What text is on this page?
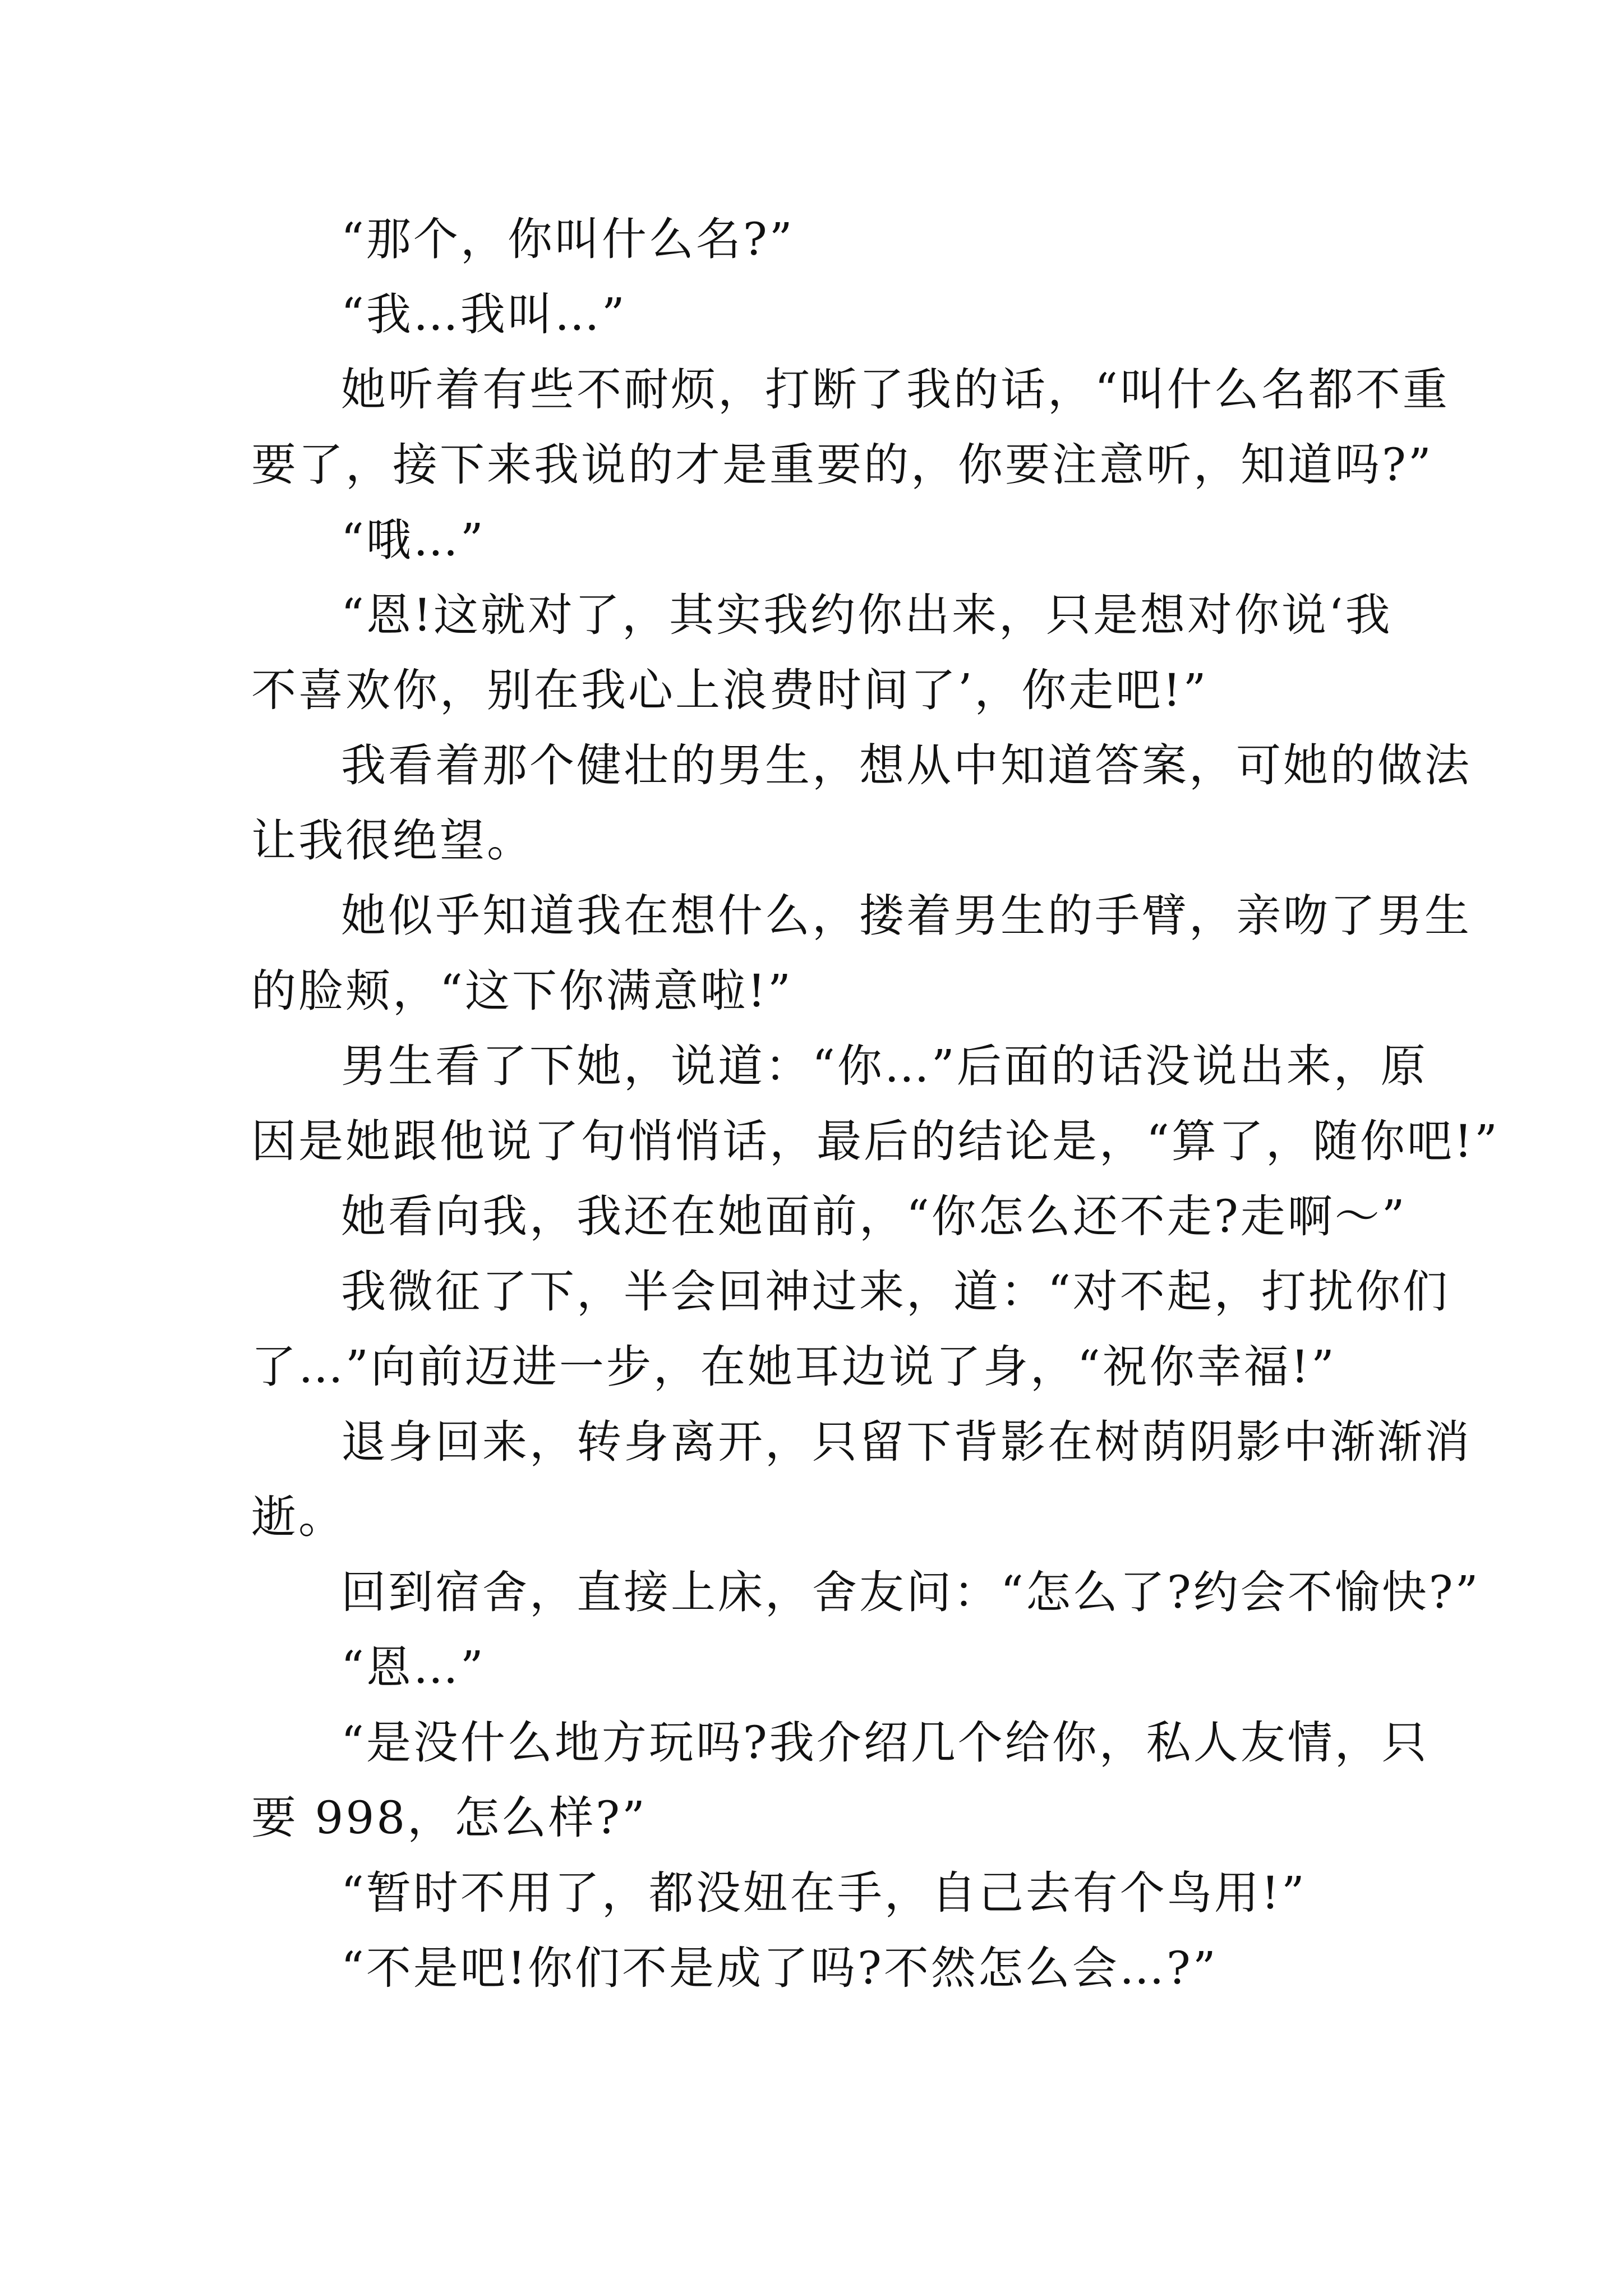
“那个，你叫什么名?”
“我…我叫…”
她听着有些不耐烦，打断了我的话，“叫什么名都不重
要了，接下来我说的才是重要的，你要注意听，知道吗?”
“哦…”
“恩!这就对了，其实我约你出来，只是想对你说‘我
不喜欢你，别在我心上浪费时间了’，你走吧!”
我看着那个健壮的男生，想从中知道答案，可她的做法
让我很绝望。
她似乎知道我在想什么，搂着男生的手臂，亲吻了男生
的脸颊，“这下你满意啦!”
男生看了下她，说道：“你…”后面的话没说出来，原
因是她跟他说了句悄悄话，最后的结论是，“算了，随你吧!”
她看向我，我还在她面前，“你怎么还不走?走啊～”
我微征了下，半会回神过来，道：“对不起，打扰你们
了…”向前迈进一步，在她耳边说了身，“祝你幸福!”
退身回来，转身离开，只留下背影在树荫阴影中渐渐消
逝。
回到宿舍，直接上床，舍友问：“怎么了?约会不愉快?”
“恩…”
“是没什么地方玩吗?我介绍几个给你，私人友情，只
要 998，怎么样?”
“暂时不用了，都没妞在手，自己去有个鸟用!”
“不是吧!你们不是成了吗?不然怎么会…?”
